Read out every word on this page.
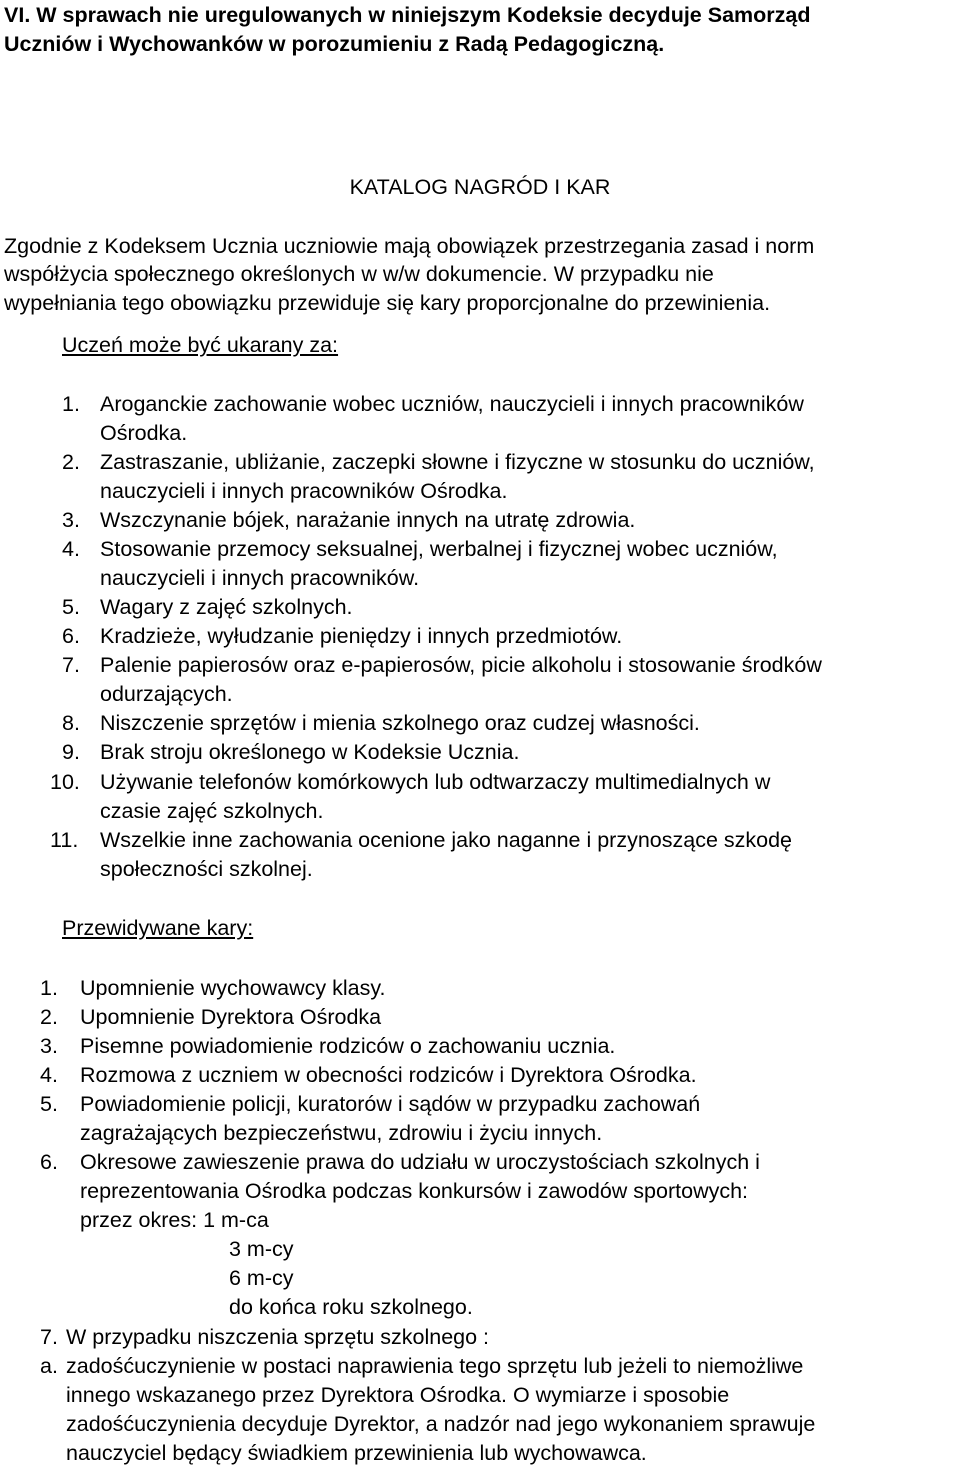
VI. W sprawach nie uregulowanych w niniejszym Kodeksie decyduje Samorząd
Uczniów i Wychowanków w porozumieniu z Radą Pedagogiczną.
KATALOG NAGRÓD I KAR
Zgodnie z Kodeksem Ucznia uczniowie mają obowiązek przestrzegania zasad i norm
współżycia społecznego określonych w w/w dokumencie. W przypadku nie
wypełniania tego obowiązku przewiduje się kary proporcjonalne do przewinienia.
Uczeń może być ukarany za:
1. Aroganckie zachowanie wobec uczniów, nauczycieli i innych pracowników
Ośrodka.
2. Zastraszanie, ubliżanie, zaczepki słowne i fizyczne w stosunku do uczniów,
nauczycieli i innych pracowników Ośrodka.
3. Wszczynanie bójek, narażanie innych na utratę zdrowia.
4. Stosowanie przemocy seksualnej, werbalnej i fizycznej wobec uczniów,
nauczycieli i innych pracowników.
5. Wagary z zajęć szkolnych.
6. Kradzieże, wyłudzanie pieniędzy i innych przedmiotów.
7. Palenie papierosów oraz e-papierosów, picie alkoholu i stosowanie środków
odurzających.
8. Niszczenie sprzętów i mienia szkolnego oraz cudzej własności.
9. Brak stroju określonego w Kodeksie Ucznia.
10. Używanie telefonów komórkowych lub odtwarzaczy multimedialnych w
czasie zajęć szkolnych.
11. Wszelkie inne zachowania ocenione jako naganne i przynoszące szkodę
społeczności szkolnej.
Przewidywane kary:
1. Upomnienie wychowawcy klasy.
2. Upomnienie Dyrektora Ośrodka
3. Pisemne powiadomienie rodziców o zachowaniu ucznia.
4. Rozmowa z uczniem w obecności rodziców i Dyrektora Ośrodka.
5. Powiadomienie policji, kuratorów i sądów w przypadku zachowań
zagrażających bezpieczeństwu, zdrowiu i życiu innych.
6. Okresowe zawieszenie prawa do udziału w uroczystościach szkolnych i
reprezentowania Ośrodka podczas konkursów i zawodów sportowych:
przez okres: 1 m-ca
3 m-cy
6 m-cy
do końca roku szkolnego.
7. W przypadku niszczenia sprzętu szkolnego :
a. zadośćuczynienie w postaci naprawienia tego sprzętu lub jeżeli to niemożliwe
innego wskazanego przez Dyrektora Ośrodka. O wymiarze i sposobie
zadośćuczynienia decyduje Dyrektor, a nadzór nad jego wykonaniem sprawuje
nauczyciel będący świadkiem przewinienia lub wychowawca.
